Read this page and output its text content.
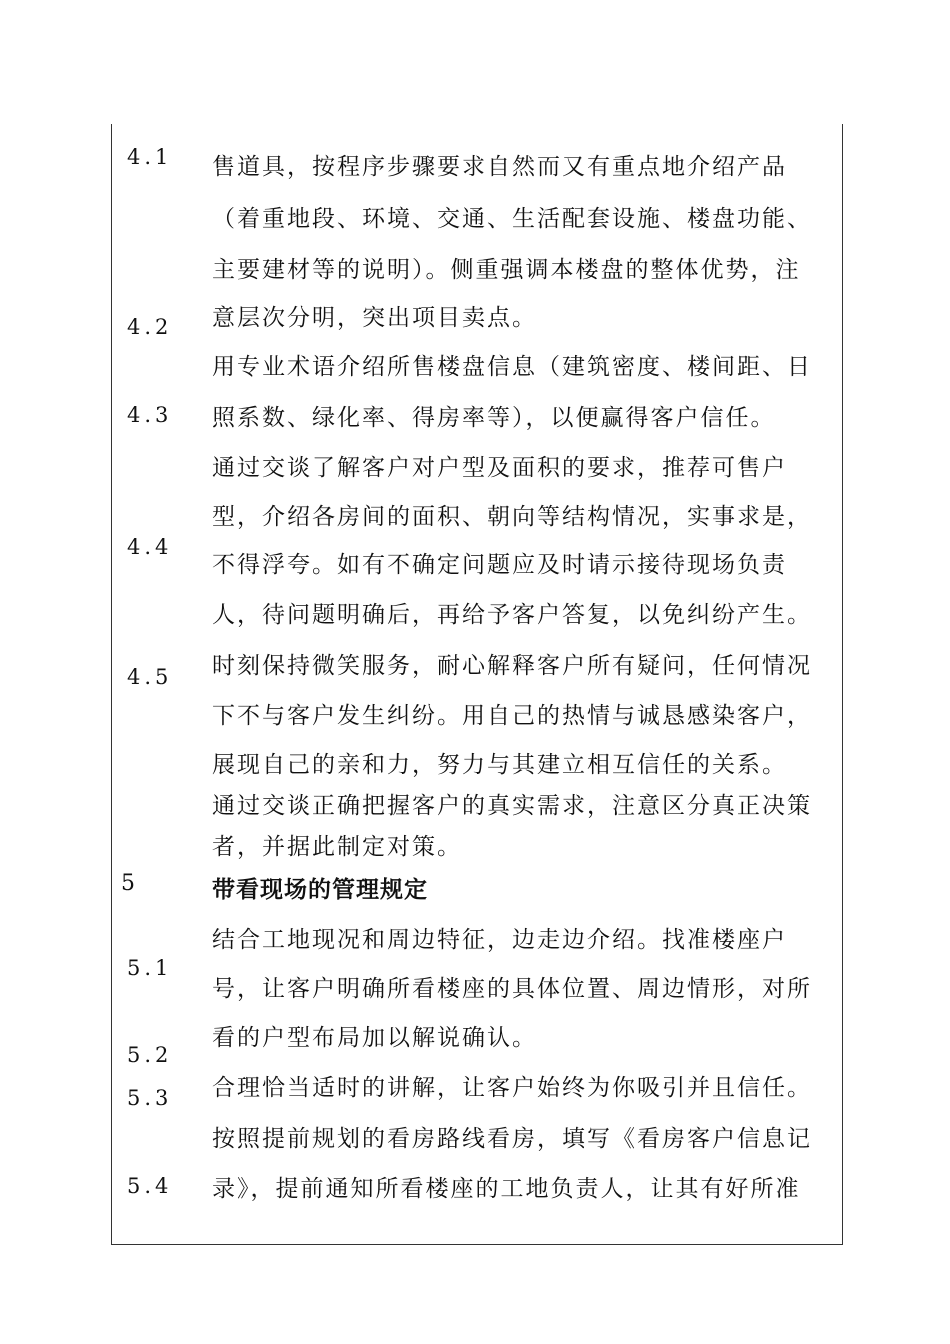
4.1
4.2
4.3
4.4
4.5
5
5.1
5.2
5.3
5.4
售道具，按程序步骤要求自然而又有重点地介绍产品
（着重地段、环境、交通、生活配套设施、楼盘功能、
主要建材等的说明）。侧重强调本楼盘的整体优势，注
意层次分明，突出项目卖点。
用专业术语介绍所售楼盘信息（建筑密度、楼间距、日
照系数、绿化率、得房率等），以便赢得客户信任。
通过交谈了解客户对户型及面积的要求，推荐可售户
型，介绍各房间的面积、朝向等结构情况，实事求是，
不得浮夸。如有不确定问题应及时请示接待现场负责
人，待问题明确后，再给予客户答复，以免纠纷产生。
时刻保持微笑服务，耐心解释客户所有疑问，任何情况
下不与客户发生纠纷。用自己的热情与诚恳感染客户，
展现自己的亲和力，努力与其建立相互信任的关系。
通过交谈正确把握客户的真实需求，注意区分真正决策
者，并据此制定对策。
带看现场的管理规定
结合工地现况和周边特征，边走边介绍。找准楼座户
号，让客户明确所看楼座的具体位置、周边情形，对所
看的户型布局加以解说确认。
合理恰当适时的讲解，让客户始终为你吸引并且信任。
按照提前规划的看房路线看房，填写《看房客户信息记
录》，提前通知所看楼座的工地负责人，让其有好所准
